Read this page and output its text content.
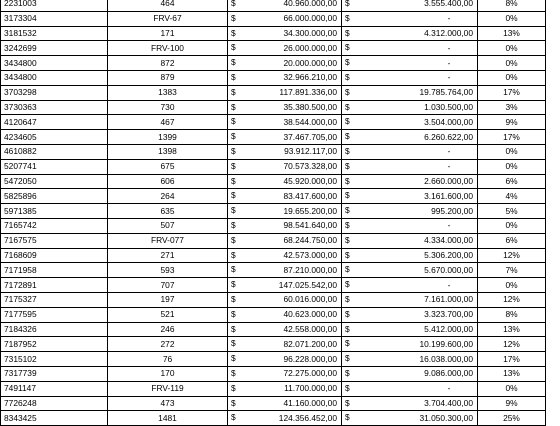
2231003	464	$ 40.960.000,00	$ 3.555.400,00	8%
3173304	FRV-67	$ 66.000.000,00	$ -	0%
3181532	171	$ 34.300.000,00	$ 4.312.000,00	13%
3242699	FRV-100	$ 26.000.000,00	$ -	0%
3434800	872	$ 20.000.000,00	$ -	0%
3434800	879	$ 32.966.210,00	$ -	0%
3703298	1383	$ 117.891.336,00	$ 19.785.764,00	17%
3730363	730	$ 35.380.500,00	$ 1.030.500,00	3%
4120647	467	$ 38.544.000,00	$ 3.504.000,00	9%
4234605	1399	$ 37.467.705,00	$ 6.260.622,00	17%
4610882	1398	$ 93.912.117,00	$ -	0%
5207741	675	$ 70.573.328,00	$ -	0%
5472050	606	$ 45.920.000,00	$ 2.660.000,00	6%
5825896	264	$ 83.417.600,00	$ 3.161.600,00	4%
5971385	635	$ 19.655.200,00	$ 995.200,00	5%
7165742	507	$ 98.541.640,00	$ -	0%
7167575	FRV-077	$ 68.244.750,00	$ 4.334.000,00	6%
7168609	271	$ 42.573.000,00	$ 5.306.200,00	12%
7171958	593	$ 87.210.000,00	$ 5.670.000,00	7%
7172891	707	$ 147.025.542,00	$ -	0%
7175327	197	$ 60.016.000,00	$ 7.161.000,00	12%
7177595	521	$ 40.623.000,00	$ 3.323.700,00	8%
7184326	246	$ 42.558.000,00	$ 5.412.000,00	13%
7187952	272	$ 82.071.200,00	$ 10.199.600,00	12%
7315102	76	$ 96.228.000,00	$ 16.038.000,00	17%
7317739	170	$ 72.275.000,00	$ 9.086.000,00	13%
7491147	FRV-119	$ 11.700.000,00	$ -	0%
7726248	473	$ 41.160.000,00	$ 3.704.400,00	9%
8343425	1481	$ 124.356.452,00	$ 31.050.300,00	25%
